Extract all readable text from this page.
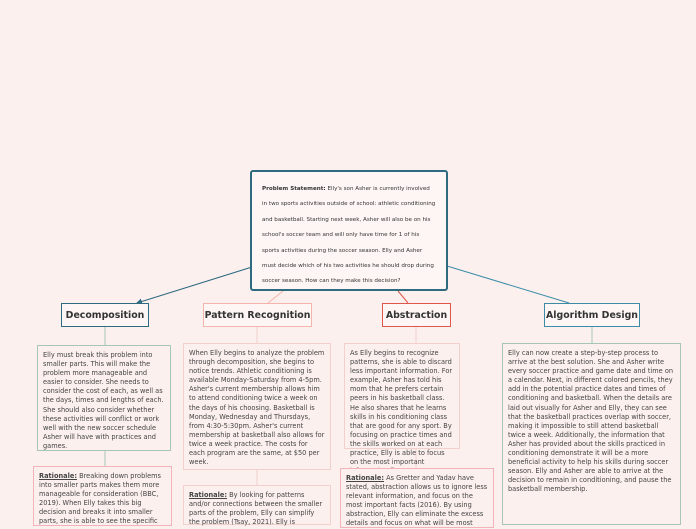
Problem Statement: Elly's son Asher is currently involved in two sports activities outside of school: athletic conditioning and basketball. Starting next week, Asher will also be on his school's soccer team and will only have time for 1 of his sports activities during the soccer season. Elly and Asher must decide which of his two activities he should drop during soccer season. How can they make this decision?
Decomposition	Pattern Recognition	Abstraction	Algorithm Design
Elly must break this problem into smaller parts. This will make the problem more manageable and easier to consider. She needs to consider the cost of each, as well as the days, times and lengths of each. She should also consider whether these activities will conflict or work well with the new soccer schedule Asher will have with practices and games.
Rationale: Breaking down problems into smaller parts makes them more manageable for consideration (BBC, 2019). When Elly takes this big decision and breaks it into smaller parts, she is able to see the specific
When Elly begins to analyze the problem through decomposition, she begins to notice trends. Athletic conditioning is available Monday-Saturday from 4-5pm. Asher's current membership allows him to attend conditioning twice a week on the days of his choosing. Basketball is Monday, Wednesday and Thursdays, from 4:30-5:30pm. Asher's current membership at basketball also allows for twice a week practice. The costs for each program are the same, at $50 per week.
Rationale: By looking for patterns and/or connections between the smaller parts of the problem, Elly can simplify the problem (Tsay, 2021). Elly is
As Elly begins to recognize patterns, she is able to discard less important information. For example, Asher has told his mom that he prefers certain peers in his basketball class. He also shares that he learns skills in his conditioning class that are good for any sport. By focusing on practice times and the skills worked on at each practice, Elly is able to focus on the most important
Rationale: As Gretter and Yadav have stated, abstraction allows us to ignore less relevant information, and focus on the most important facts (2016). By using abstraction, Elly can eliminate the excess details and focus on what will be most
Elly can now create a step-by-step process to arrive at the best solution. She and Asher write every soccer practice and game date and time on a calendar. Next, in different colored pencils, they add in the potential practice dates and times of conditioning and basketball. When the details are laid out visually for Asher and Elly, they can see that the basketball practices overlap with soccer, making it impossible to still attend basketball twice a week. Additionally, the information that Asher has provided about the skills practiced in conditioning demonstrate it will be a more beneficial activity to help his skills during soccer season. Elly and Asher are able to arrive at the decision to remain in conditioning, and pause the basketball membership.
